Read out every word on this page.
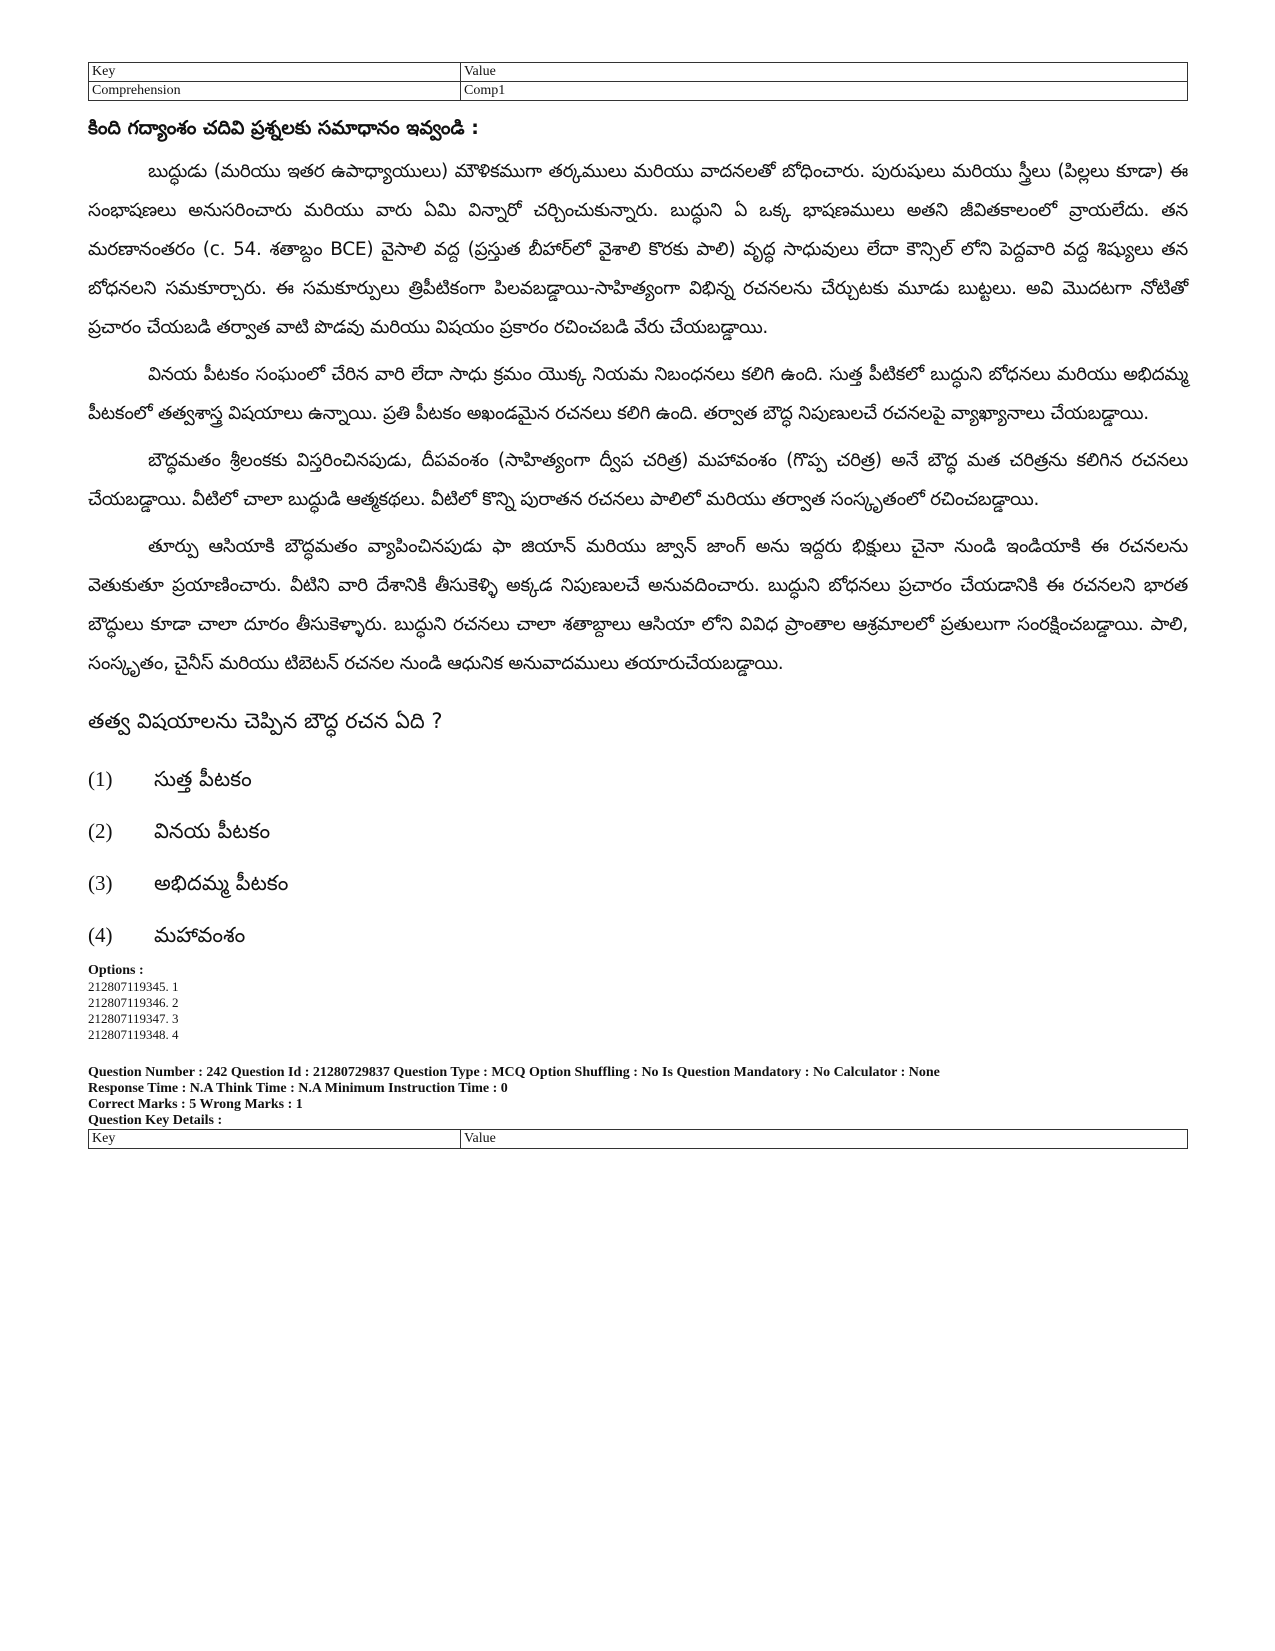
Key	Value
Comprehension	Comp1
కింది గద్యాంశం చదివి ప్రశ్నలకు సమాధానం ఇవ్వండి :

బుద్ధుడు (మరియు ఇతర ఉపాధ్యాయులు) మౌళికముగా తర్కములు మరియు వాదనలతో బోధించారు. పురుషులు మరియు స్త్రీలు (పిల్లలు కూడా) ఈ సంభాషణలు అనుసరించారు మరియు వారు ఏమి విన్నారో చర్చించుకున్నారు. బుద్ధుని ఏ ఒక్క భాషణములు అతని జీవితకాలంలో వ్రాయలేదు. తన మరణానంతరం (c. 54. శతాబ్దం BCE) వైసాలి వద్ద (ప్రస్తుత బీహార్‌లో వైశాలి కొరకు పాలి) వృద్ధ సాధువులు లేదా కౌన్సిల్ లోని పెద్దవారి వద్ద శిష్యులు తన బోధనలని సమకూర్చారు. ఈ సమకూర్పులు త్రిపీటికంగా పిలవబడ్డాయి-సాహిత్యంగా విభిన్న రచనలను చేర్చుటకు మూడు బుట్టలు. అవి మొదటగా నోటితో ప్రచారం చేయబడి తర్వాత వాటి పొడవు మరియు విషయం ప్రకారం రచించబడి వేరు చేయబడ్డాయి.

వినయ పీటకం సంఘంలో చేరిన వారి లేదా సాధు క్రమం యొక్క నియమ నిబంధనలు కలిగి ఉంది. సుత్త పీటికలో బుద్ధుని బోధనలు మరియు అభిదమ్మ పీటకంలో తత్వశాస్త్ర విషయాలు ఉన్నాయి. ప్రతి పీటకం అఖండమైన రచనలు కలిగి ఉంది. తర్వాత బౌద్ధ నిపుణులచే రచనలపై వ్యాఖ్యానాలు చేయబడ్డాయి.

బౌద్ధమతం శ్రీలంకకు విస్తరించినపుడు, దీపవంశం (సాహిత్యంగా ద్వీప చరిత్ర) మహావంశం (గొప్ప చరిత్ర) అనే బౌద్ధ మత చరిత్రను కలిగిన రచనలు చేయబడ్డాయి. వీటిలో చాలా బుద్ధుడి ఆత్మకథలు. వీటిలో కొన్ని పురాతన రచనలు పాలిలో మరియు తర్వాత సంస్కృతంలో రచించబడ్డాయి.

తూర్పు ఆసియాకి బౌద్ధమతం వ్యాపించినపుడు ఫా జియాన్ మరియు జ్వాన్ జాంగ్ అను ఇద్దరు భిక్షులు చైనా నుండి ఇండియాకి ఈ రచనలను వెతుకుతూ ప్రయాణించారు. వీటిని వారి దేశానికి తీసుకెళ్ళి అక్కడ నిపుణులచే అనువదించారు. బుద్ధుని బోధనలు ప్రచారం చేయడానికి ఈ రచనలని భారత బౌద్ధులు కూడా చాలా దూరం తీసుకెళ్ళారు. బుద్ధుని రచనలు చాలా శతాబ్దాలు ఆసియా లోని వివిధ ప్రాంతాల ఆశ్రమాలలో ప్రతులుగా సంరక్షించబడ్డాయి. పాలి, సంస్కృతం, చైనీస్ మరియు టిబెటన్ రచనల నుండి ఆధునిక అనువాదములు తయారుచేయబడ్డాయి.

తత్వ విషయాలను చెప్పిన బౌద్ధ రచన ఏది ?
(1)	సుత్త పీటకం
(2)	వినయ పీటకం
(3)	అభిదమ్మ పీటకం
(4)	మహావంశం
Options :
212807119345. 1
212807119346. 2
212807119347. 3
212807119348. 4
Question Number : 242 Question Id : 21280729837 Question Type : MCQ Option Shuffling : No Is Question Mandatory : No Calculator : None
Response Time : N.A Think Time : N.A Minimum Instruction Time : 0
Correct Marks : 5 Wrong Marks : 1
Question Key Details :
Key	Value
